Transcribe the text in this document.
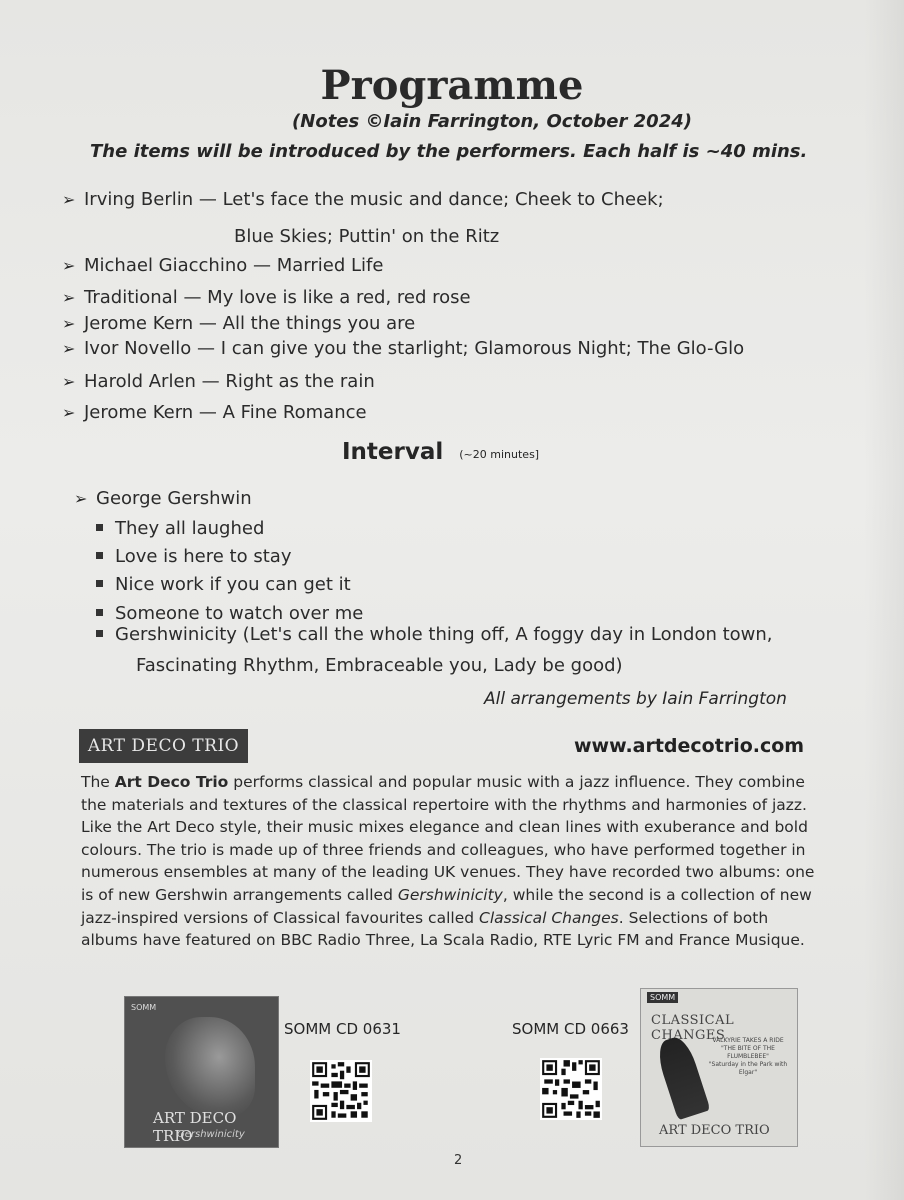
Programme
(Notes ©Iain Farrington, October 2024)
The items will be introduced by the performers. Each half is ~40 mins.
➢ Irving Berlin — Let's face the music and dance; Cheek to Cheek;
Blue Skies; Puttin' on the Ritz
➢ Michael Giacchino — Married Life
➢ Traditional — My love is like a red, red rose
➢ Jerome Kern — All the things you are
➢ Ivor Novello — I can give you the starlight; Glamorous Night; The Glo-Glo
➢ Harold Arlen — Right as the rain
➢ Jerome Kern — A Fine Romance
Interval (~20 minutes]
➢ George Gershwin
They all laughed
Love is here to stay
Nice work if you can get it
Someone to watch over me
Gershwinicity (Let's call the whole thing off, A foggy day in London town,
Fascinating Rhythm, Embraceable you, Lady be good)
All arrangements by Iain Farrington
ART DECO TRIO	www.artdecotrio.com
The Art Deco Trio performs classical and popular music with a jazz influence. They combine the materials and textures of the classical repertoire with the rhythms and harmonies of jazz. Like the Art Deco style, their music mixes elegance and clean lines with exuberance and bold colours. The trio is made up of three friends and colleagues, who have performed together in numerous ensembles at many of the leading UK venues. They have recorded two albums: one is of new Gershwin arrangements called Gershwinicity, while the second is a collection of new jazz-inspired versions of Classical favourites called Classical Changes. Selections of both albums have featured on BBC Radio Three, La Scala Radio, RTE Lyric FM and France Musique.
SOMM
ART DECO TRIO
Gershwinicity
SOMM CD 0631	SOMM CD 0663
SOMM
CLASSICAL CHANGES
VALKYRIE TAKES A RIDE
"THE BITE OF THE FLUMBLEBEE"
"Saturday in the Park with Elgar"
ART DECO TRIO
2
